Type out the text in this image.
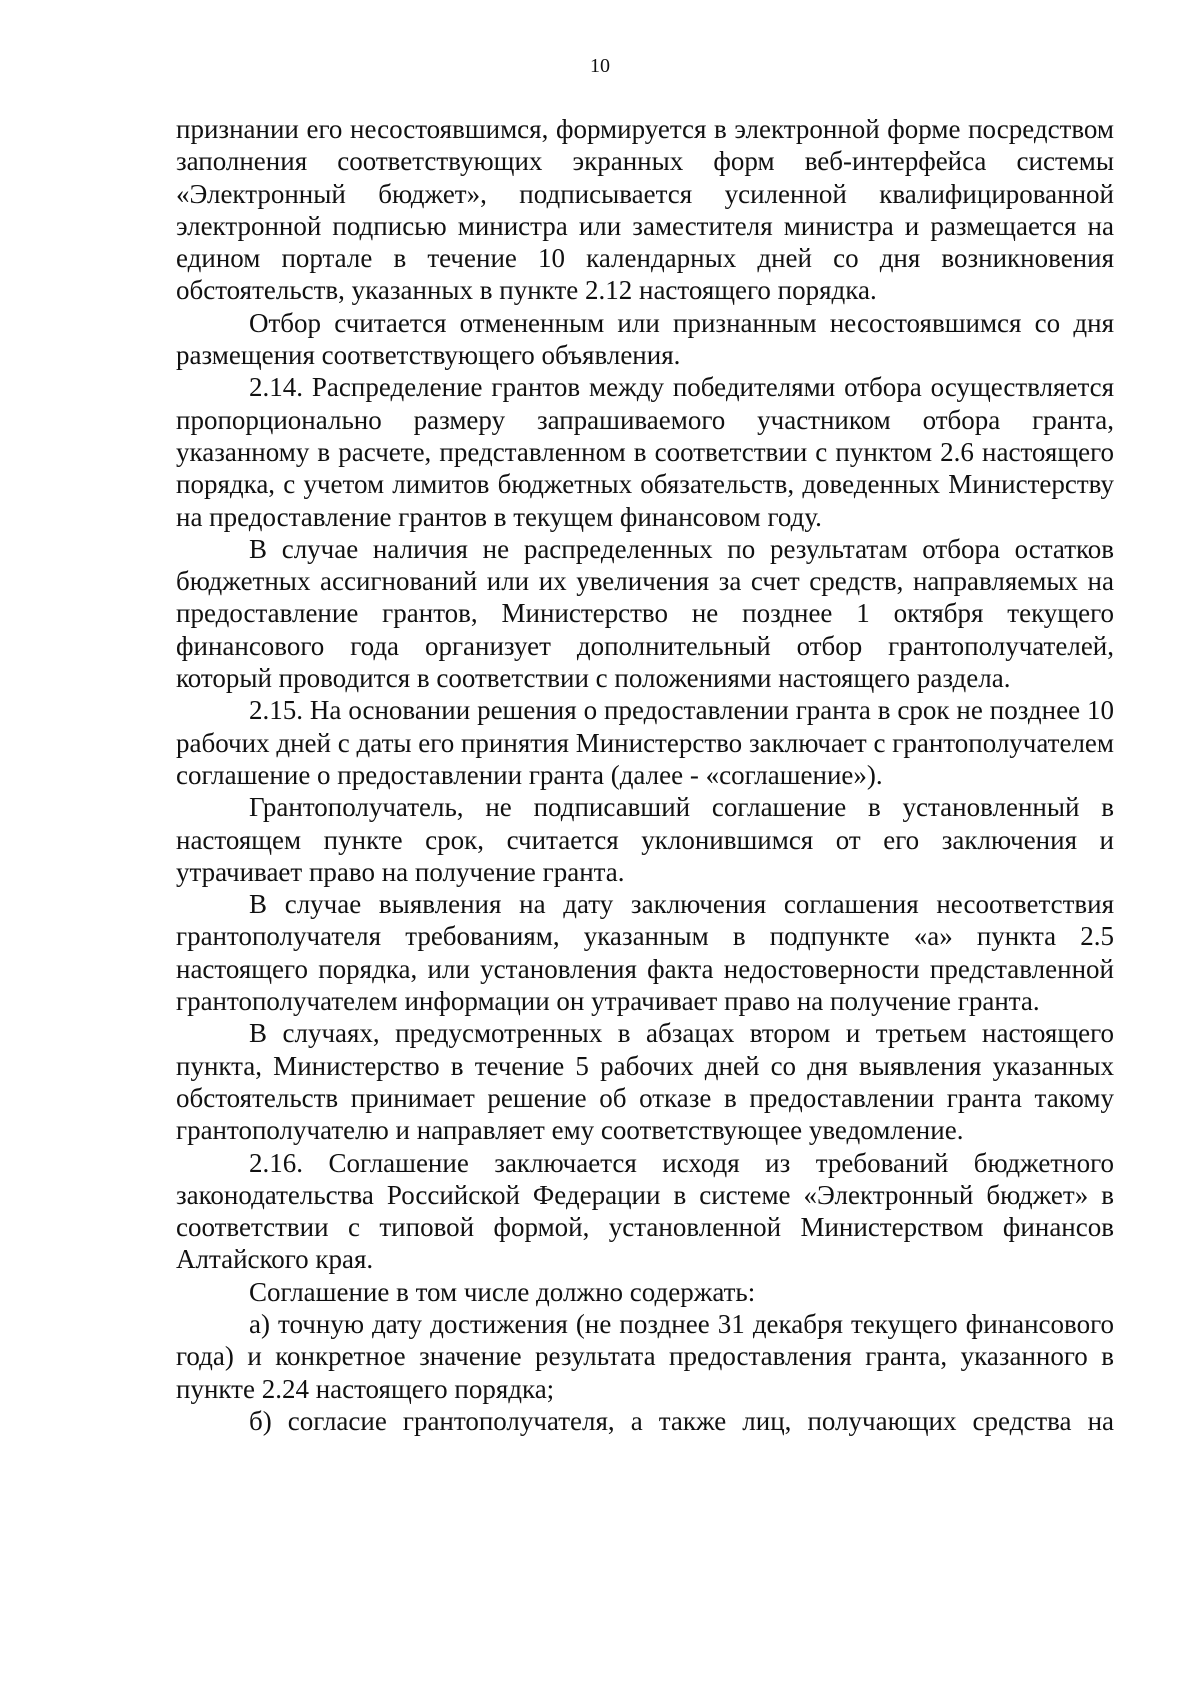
10

признании его несостоявшимся, формируется в электронной форме посредством заполнения соответствующих экранных форм веб-интерфейса системы «Электронный бюджет», подписывается усиленной квалифицированной электронной подписью министра или заместителя министра и размещается на едином портале в течение 10 календарных дней со дня возникновения обстоятельств, указанных в пункте 2.12 настоящего порядка.

Отбор считается отмененным или признанным несостоявшимся со дня размещения соответствующего объявления.

2.14. Распределение грантов между победителями отбора осуществляется пропорционально размеру запрашиваемого участником отбора гранта, указанному в расчете, представленном в соответствии с пунктом 2.6 настоящего порядка, с учетом лимитов бюджетных обязательств, доведенных Министерству на предоставление грантов в текущем финансовом году.

В случае наличия не распределенных по результатам отбора остатков бюджетных ассигнований или их увеличения за счет средств, направляемых на предоставление грантов, Министерство не позднее 1 октября текущего финансового года организует дополнительный отбор грантополучателей, который проводится в соответствии с положениями настоящего раздела.

2.15. На основании решения о предоставлении гранта в срок не позднее 10 рабочих дней с даты его принятия Министерство заключает с грантополучателем соглашение о предоставлении гранта (далее - «соглашение»).

Грантополучатель, не подписавший соглашение в установленный в настоящем пункте срок, считается уклонившимся от его заключения и утрачивает право на получение гранта.

В случае выявления на дату заключения соглашения несоответствия грантополучателя требованиям, указанным в подпункте «а» пункта 2.5 настоящего порядка, или установления факта недостоверности представленной грантополучателем информации он утрачивает право на получение гранта.

В случаях, предусмотренных в абзацах втором и третьем настоящего пункта, Министерство в течение 5 рабочих дней со дня выявления указанных обстоятельств принимает решение об отказе в предоставлении гранта такому грантополучателю и направляет ему соответствующее уведомление.

2.16. Соглашение заключается исходя из требований бюджетного законодательства Российской Федерации в системе «Электронный бюджет» в соответствии с типовой формой, установленной Министерством финансов Алтайского края.

Соглашение в том числе должно содержать:

а) точную дату достижения (не позднее 31 декабря текущего финансового года) и конкретное значение результата предоставления гранта, указанного в пункте 2.24 настоящего порядка;

б) согласие грантополучателя, а также лиц, получающих средства на
